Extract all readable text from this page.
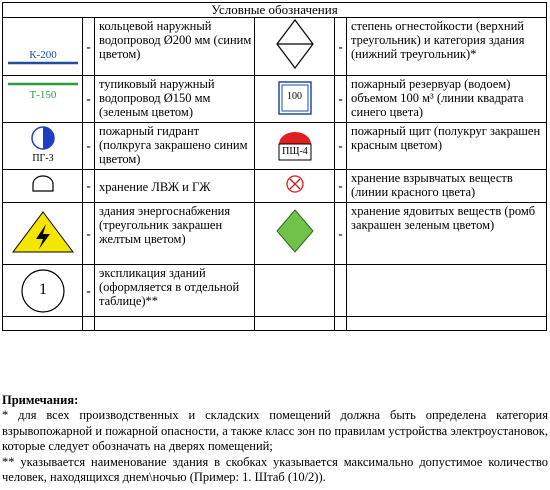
Условные обозначения					

К-200	-	кольцевой наружный водопровод Ø200 мм (синим цветом)		-	степень огнестойкости (верхний треугольник) и категория здания (нижний треугольник)*

Т-150	-	тупиковый наружный водопровод Ø150 мм (зеленым цветом)	100	-	пожарный резервуар (водоем) объемом 100 м³ (линии квадрата синего цвета)

ПГ-3	-	пожарный гидрант (полкруга закрашено синим цветом)	ПЩ-4	-	пожарный щит (полукруг закрашен красным цветом)
	-	хранение ЛВЖ и ГЖ		-	хранение взрывчатых веществ (линии красного цвета)
	-	здания энергоснабжения (треугольник закрашен желтым цветом)		-	хранение ядовитых веществ (ромб закрашен зеленым цветом)

1	-	экспликация зданий (оформляется в отдельной таблице)**			

Примечания:

* для всех производственных и складских помещений должна быть определена категория взрывопожарной и пожарной опасности, а также класс зон по правилам устройства электроустановок, которые следует обозначать на дверях помещений;

** указывается наименование здания в скобках указывается максимально допустимое количество человек, находящихся днем\ночью (Пример: 1. Штаб (10/2)).
